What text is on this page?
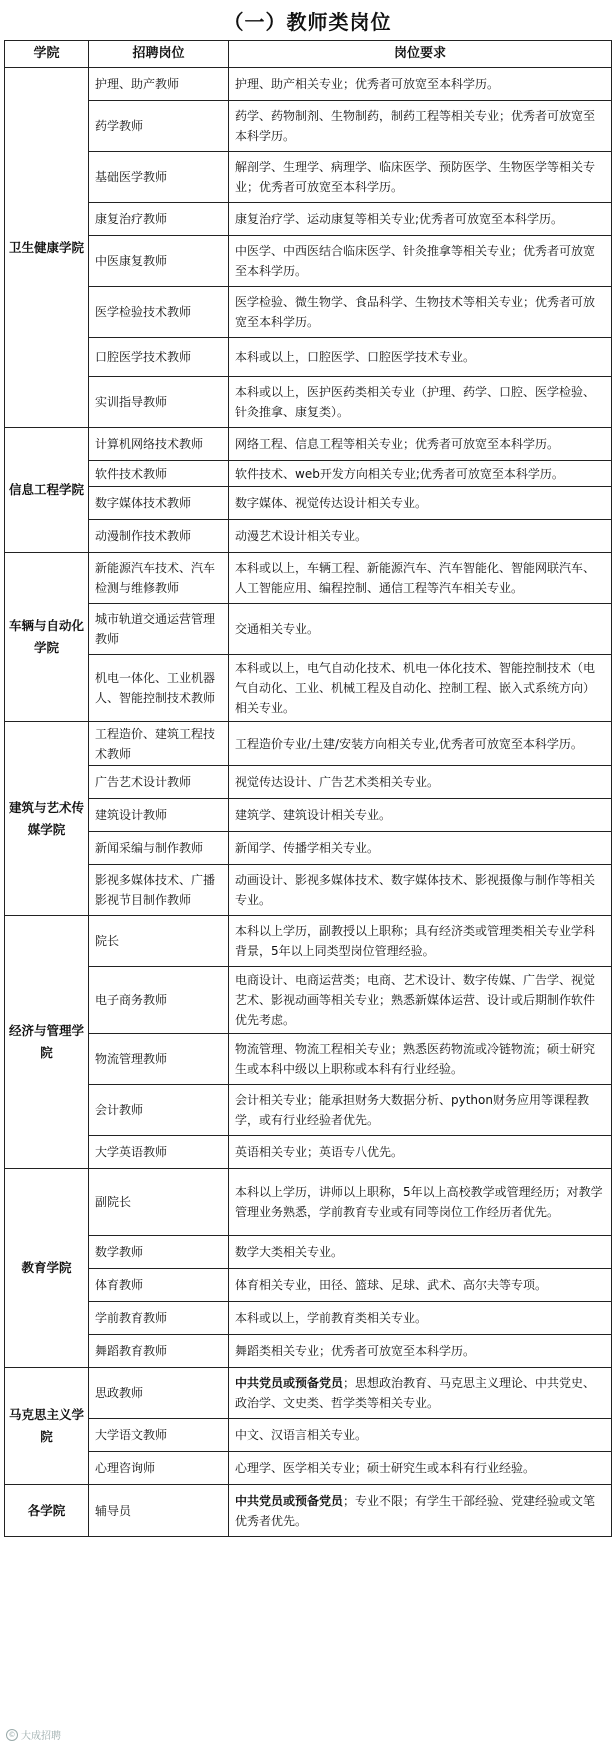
（一）教师类岗位
学院	招聘岗位	岗位要求
卫生健康学院	护理、助产教师	护理、助产相关专业；优秀者可放宽至本科学历。
	药学教师	药学、药物制剂、生物制药，制药工程等相关专业；优秀者可放宽至本科学历。
	基础医学教师	解剖学、生理学、病理学、临床医学、预防医学、生物医学等相关专业；优秀者可放宽至本科学历。
	康复治疗教师	康复治疗学、运动康复等相关专业;优秀者可放宽至本科学历。
	中医康复教师	中医学、中西医结合临床医学、针灸推拿等相关专业；优秀者可放宽至本科学历。
	医学检验技术教师	医学检验、微生物学、食品科学、生物技术等相关专业；优秀者可放宽至本科学历。
	口腔医学技术教师	本科或以上，口腔医学、口腔医学技术专业。
	实训指导教师	本科或以上，医护医药类相关专业（护理、药学、口腔、医学检验、针灸推拿、康复类）。
信息工程学院	计算机网络技术教师	网络工程、信息工程等相关专业；优秀者可放宽至本科学历。
	软件技术教师	软件技术、web开发方向相关专业;优秀者可放宽至本科学历。
	数字媒体技术教师	数字媒体、视觉传达设计相关专业。
	动漫制作技术教师	动漫艺术设计相关专业。
车辆与自动化学院	新能源汽车技术、汽车检测与维修教师	本科或以上，车辆工程、新能源汽车、汽车智能化、智能网联汽车、人工智能应用、编程控制、通信工程等汽车相关专业。
	城市轨道交通运营管理教师	交通相关专业。
	机电一体化、工业机器人、智能控制技术教师	本科或以上，电气自动化技术、机电一体化技术、智能控制技术（电气自动化、工业、机械工程及自动化、控制工程、嵌入式系统方向）相关专业。
建筑与艺术传媒学院	工程造价、建筑工程技术教师	工程造价专业/土建/安装方向相关专业,优秀者可放宽至本科学历。
	广告艺术设计教师	视觉传达设计、广告艺术类相关专业。
	建筑设计教师	建筑学、建筑设计相关专业。
	新闻采编与制作教师	新闻学、传播学相关专业。
	影视多媒体技术、广播影视节目制作教师	动画设计、影视多媒体技术、数字媒体技术、影视摄像与制作等相关专业。
经济与管理学院	院长	本科以上学历，副教授以上职称；具有经济类或管理类相关专业学科背景，5年以上同类型岗位管理经验。
	电子商务教师	电商设计、电商运营类；电商、艺术设计、数字传媒、广告学、视觉艺术、影视动画等相关专业；熟悉新媒体运营、设计或后期制作软件优先考虑。
	物流管理教师	物流管理、物流工程相关专业；熟悉医药物流或冷链物流；硕士研究生或本科中级以上职称或本科有行业经验。
	会计教师	会计相关专业；能承担财务大数据分析、python财务应用等课程教学，或有行业经验者优先。
	大学英语教师	英语相关专业；英语专八优先。
教育学院	副院长	本科以上学历，讲师以上职称，5年以上高校教学或管理经历；对教学管理业务熟悉，学前教育专业或有同等岗位工作经历者优先。
	数学教师	数学大类相关专业。
	体育教师	体育相关专业，田径、篮球、足球、武术、高尔夫等专项。
	学前教育教师	本科或以上，学前教育类相关专业。
	舞蹈教育教师	舞蹈类相关专业；优秀者可放宽至本科学历。
马克思主义学院	思政教师	中共党员或预备党员；思想政治教育、马克思主义理论、中共党史、政治学、文史类、哲学类等相关专业。
	大学语文教师	中文、汉语言相关专业。
	心理咨询师	心理学、医学相关专业；硕士研究生或本科有行业经验。
各学院	辅导员	中共党员或预备党员；专业不限；有学生干部经验、党建经验或文笔优秀者优先。
© 大成招聘
